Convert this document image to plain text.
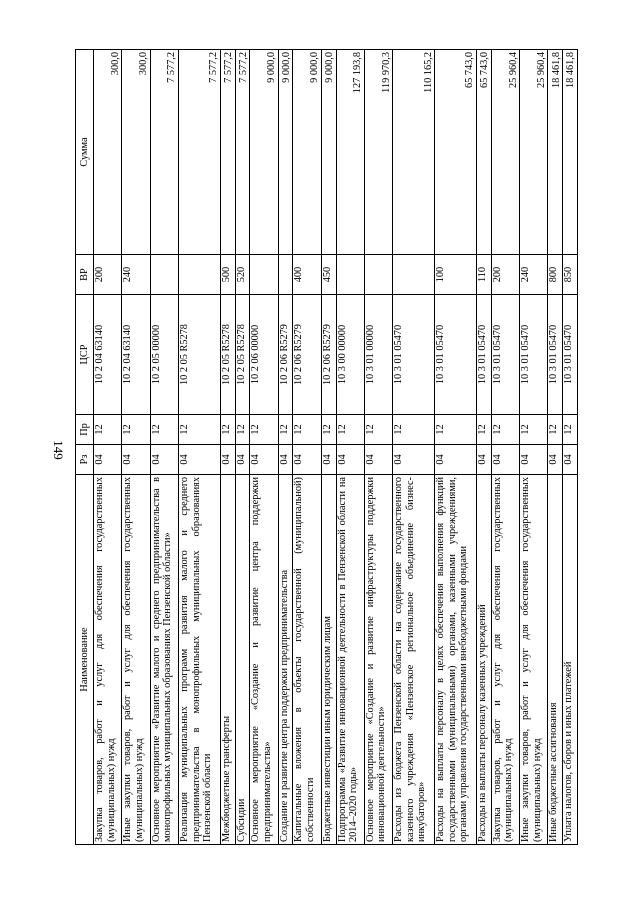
149
Наименование	Рз	Пр	ЦСР	ВР	Сумма
Закупка товаров, работ и услуг для обеспечения государственных (муниципальных) нужд	04	12	10 2 04 63140	200	300,0
Иные закупки товаров, работ и услуг для обеспечения государственных (муниципальных) нужд	04	12	10 2 04 63140	240	300,0
Основное мероприятие «Развитие малого и среднего предпринимательства в монопрофильных муниципальных образованиях Пензенской области»	04	12	10 2 05 00000		7 577,2
Реализация муниципальных программ развития малого и среднего предпринимательства в монопрофильных муниципальных образованиях Пензенской области	04	12	10 2 05 R5278		7 577,2
Межбюджетные трансферты	04	12	10 2 05 R5278	500	7 577,2
Субсидии	04	12	10 2 05 R5278	520	7 577,2
Основное мероприятие «Создание и развитие центра поддержки предпринимательства»	04	12	10 2 06 00000		9 000,0
Создание и развитие центра поддержки предпринимательства	04	12	10 2 06 R5279		9 000,0
Капитальные вложения в объекты государственной (муниципальной) собственности	04	12	10 2 06 R5279	400	9 000,0
Бюджетные инвестиции иным юридическим лицам	04	12	10 2 06 R5279	450	9 000,0
Подпрограмма «Развитие инновационной деятельности в Пензенской области на 2014–2020 годы»	04	12	10 3 00 00000		127 193,8
Основное мероприятие «Создание и развитие инфраструктуры поддержки инновационной деятельности»	04	12	10 3 01 00000		119 970,3
Расходы из бюджета Пензенской области на содержание государственного казенного учреждения «Пензенское региональное объединение бизнес-инкубаторов»	04	12	10 3 01 05470		110 165,2
Расходы на выплаты персоналу в целях обеспечения выполнения функций государственными (муниципальными) органами, казенными учреждениями, органами управления государственными внебюджетными фондами	04	12	10 3 01 05470	100	65 743,0
Расходы на выплаты персоналу казенных учреждений	04	12	10 3 01 05470	110	65 743,0
Закупка товаров, работ и услуг для обеспечения государственных (муниципальных) нужд	04	12	10 3 01 05470	200	25 960,4
Иные закупки товаров, работ и услуг для обеспечения государственных (муниципальных) нужд	04	12	10 3 01 05470	240	25 960,4
Иные бюджетные ассигнования	04	12	10 3 01 05470	800	18 461,8
Уплата налогов, сборов и иных платежей	04	12	10 3 01 05470	850	18 461,8
